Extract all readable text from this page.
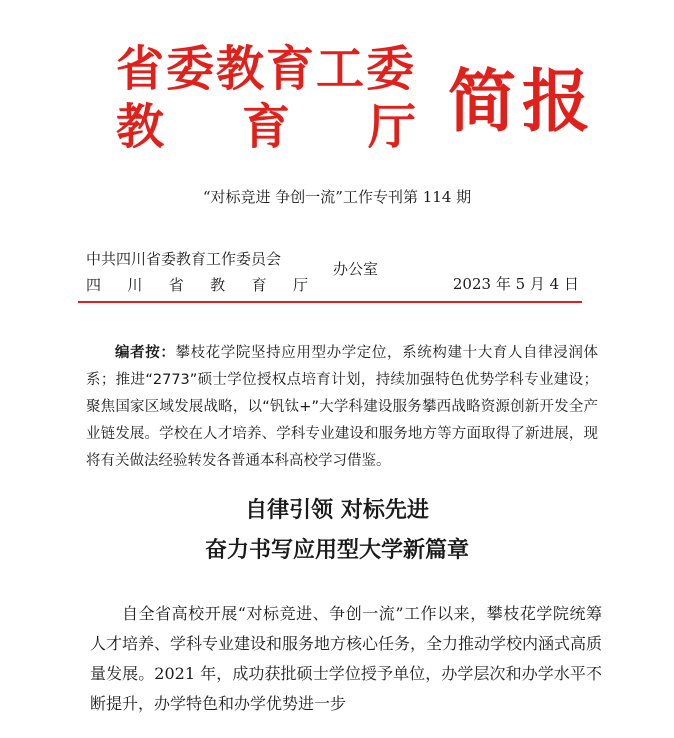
省委教育工委
教 育 厅 简报
“对标竞进 争创一流”工作专刊第 114 期
中共四川省委教育工作委员会
四 川 省 教 育 厅
办公室
2023 年 5 月 4 日
编者按：攀枝花学院坚持应用型办学定位，系统构建十大育人自律浸润体系；推进“2773”硕士学位授权点培育计划，持续加强特色优势学科专业建设；聚焦国家区域发展战略，以“钒钛+”大学科建设服务攀西战略资源创新开发全产业链发展。学校在人才培养、学科专业建设和服务地方等方面取得了新进展，现将有关做法经验转发各普通本科高校学习借鉴。
自律引领 对标先进
奋力书写应用型大学新篇章
自全省高校开展“对标竞进、争创一流”工作以来，攀枝花学院统筹人才培养、学科专业建设和服务地方核心任务，全力推动学校内涵式高质量发展。2021 年，成功获批硕士学位授予单位，办学层次和办学水平不断提升，办学特色和办学优势进一步
